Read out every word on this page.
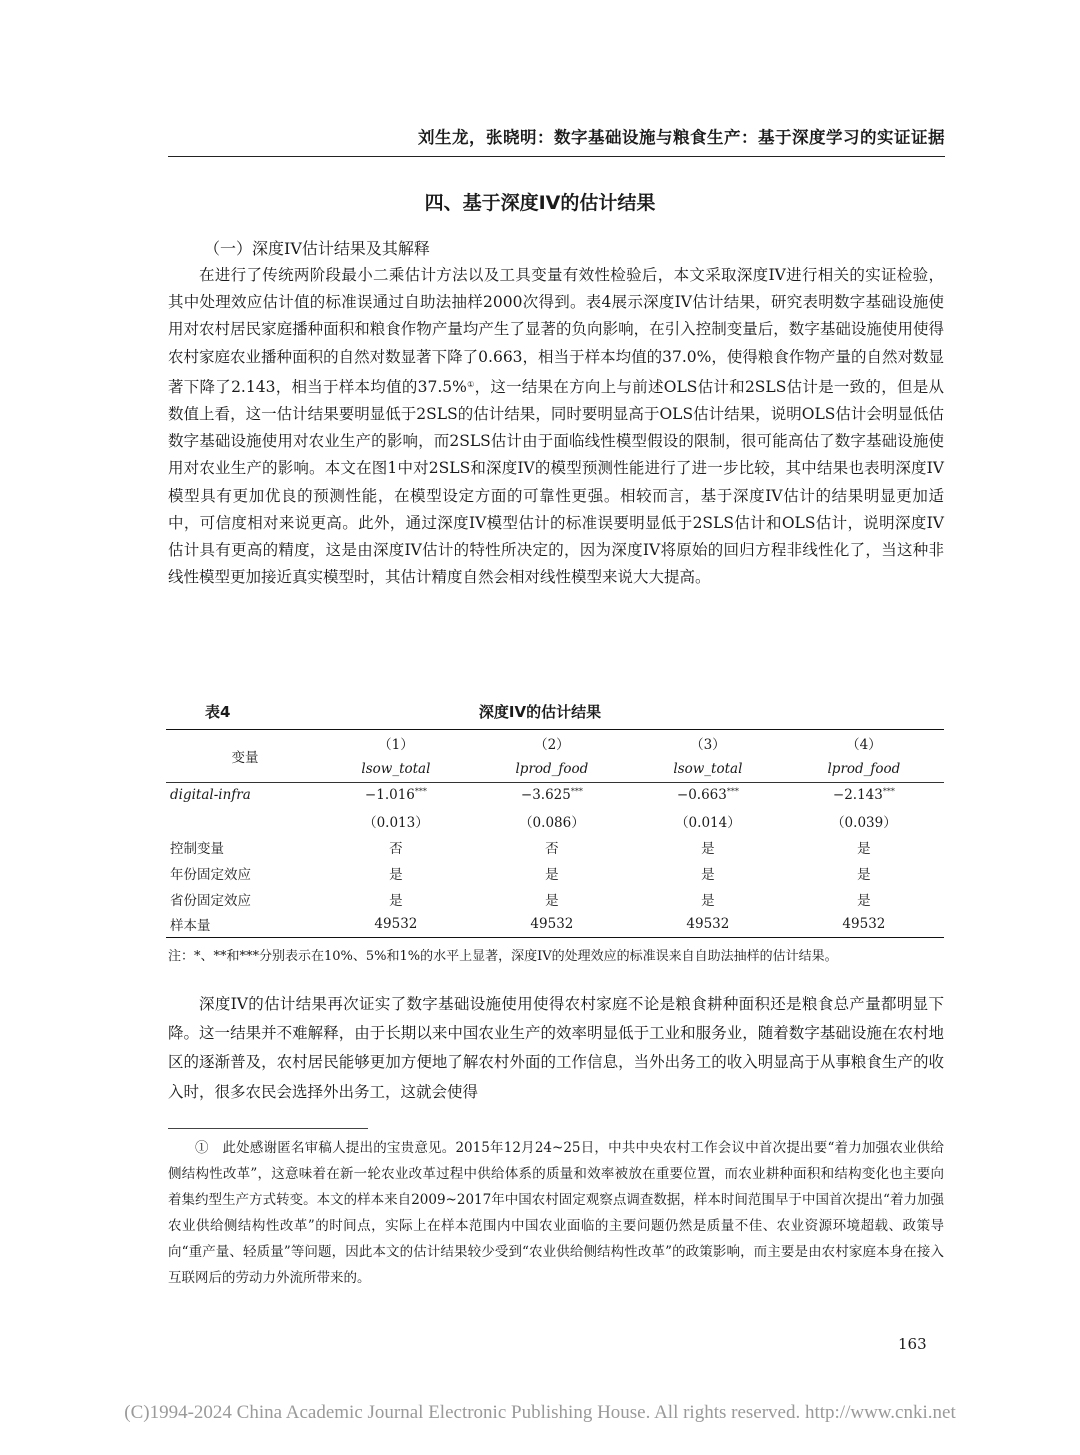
刘生龙，张晓明：数字基础设施与粮食生产：基于深度学习的实证证据
四、基于深度IV的估计结果
（一）深度IV估计结果及其解释

在进行了传统两阶段最小二乘估计方法以及工具变量有效性检验后，本文采取深度IV进行相关的实证检验，其中处理效应估计值的标准误通过自助法抽样2000次得到。表4展示深度IV估计结果，研究表明数字基础设施使用对农村居民家庭播种面积和粮食作物产量均产生了显著的负向影响，在引入控制变量后，数字基础设施使用使得农村家庭农业播种面积的自然对数显著下降了0.663，相当于样本均值的37.0%，使得粮食作物产量的自然对数显著下降了2.143，相当于样本均值的37.5%①，这一结果在方向上与前述OLS估计和2SLS估计是一致的，但是从数值上看，这一估计结果要明显低于2SLS的估计结果，同时要明显高于OLS估计结果，说明OLS估计会明显低估数字基础设施使用对农业生产的影响，而2SLS估计由于面临线性模型假设的限制，很可能高估了数字基础设施使用对农业生产的影响。本文在图1中对2SLS和深度IV的模型预测性能进行了进一步比较，其中结果也表明深度IV模型具有更加优良的预测性能，在模型设定方面的可靠性更强。相较而言，基于深度IV估计的结果明显更加适中，可信度相对来说更高。此外，通过深度IV模型估计的标准误要明显低于2SLS估计和OLS估计，说明深度IV估计具有更高的精度，这是由深度IV估计的特性所决定的，因为深度IV将原始的回归方程非线性化了，当这种非线性模型更加接近真实模型时，其估计精度自然会相对线性模型来说大大提高。

表4	深度IV的估计结果
变量	（1）	（2）	（3）	（4）
	lsow_total	lprod_food	lsow_total	lprod_food
digital-infra	−1.016***	−3.625***	−0.663***	−2.143***
	（0.013）	（0.086）	（0.014）	（0.039）
控制变量	否	否	是	是
年份固定效应	是	是	是	是
省份固定效应	是	是	是	是
样本量	49532	49532	49532	49532
注：*、**和***分别表示在10%、5%和1%的水平上显著，深度IV的处理效应的标准误来自自助法抽样的估计结果。

深度IV的估计结果再次证实了数字基础设施使用使得农村家庭不论是粮食耕种面积还是粮食总产量都明显下降。这一结果并不难解释，由于长期以来中国农业生产的效率明显低于工业和服务业，随着数字基础设施在农村地区的逐渐普及，农村居民能够更加方便地了解农村外面的工作信息，当外出务工的收入明显高于从事粮食生产的收入时，很多农民会选择外出务工，这就会使得

①　 此处感谢匿名审稿人提出的宝贵意见。2015年12月24~25日，中共中央农村工作会议中首次提出要“着力加强农业供给侧结构性改革”，这意味着在新一轮农业改革过程中供给体系的质量和效率被放在重要位置，而农业耕种面积和结构变化也主要向着集约型生产方式转变。本文的样本来自2009~2017年中国农村固定观察点调查数据，样本时间范围早于中国首次提出“着力加强农业供给侧结构性改革”的时间点，实际上在样本范围内中国农业面临的主要问题仍然是质量不佳、农业资源环境超载、政策导向“重产量、轻质量”等问题，因此本文的估计结果较少受到“农业供给侧结构性改革”的政策影响，而主要是由农村家庭本身在接入互联网后的劳动力外流所带来的。

163
(C)1994-2024 China Academic Journal Electronic Publishing House. All rights reserved. http://www.cnki.net
